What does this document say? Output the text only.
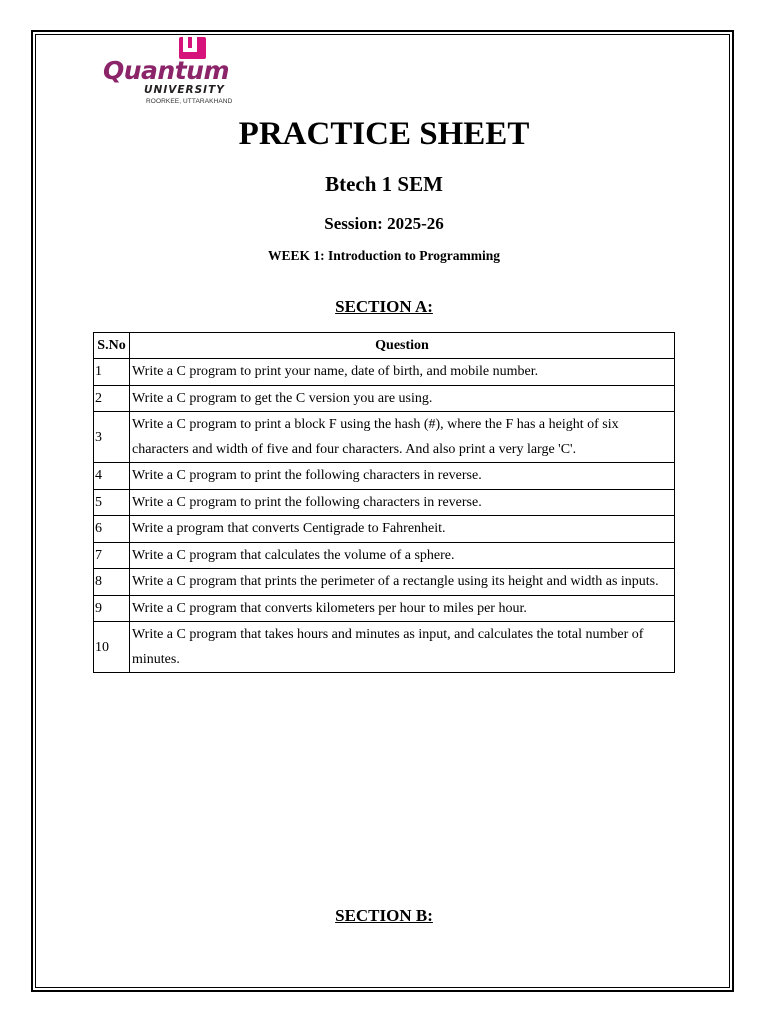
Quantum
UNIVERSITY
ROORKEE, UTTARAKHAND
PRACTICE SHEET
Btech 1 SEM
Session: 2025-26
WEEK 1: Introduction to Programming
SECTION A:
S.No	Question
1	Write a C program to print your name, date of birth, and mobile number.
2	Write a C program to get the C version you are using.
3	Write a C program to print a block F using the hash (#), where the F has a height of six characters and width of five and four characters. And also print a very large 'C'.
4	Write a C program to print the following characters in reverse.
5	Write a C program to print the following characters in reverse.
6	Write a program that converts Centigrade to Fahrenheit.
7	Write a C program that calculates the volume of a sphere.
8	Write a C program that prints the perimeter of a rectangle using its height and width as inputs.
9	Write a C program that converts kilometers per hour to miles per hour.
10	Write a C program that takes hours and minutes as input, and calculates the total number of minutes.
SECTION B:
